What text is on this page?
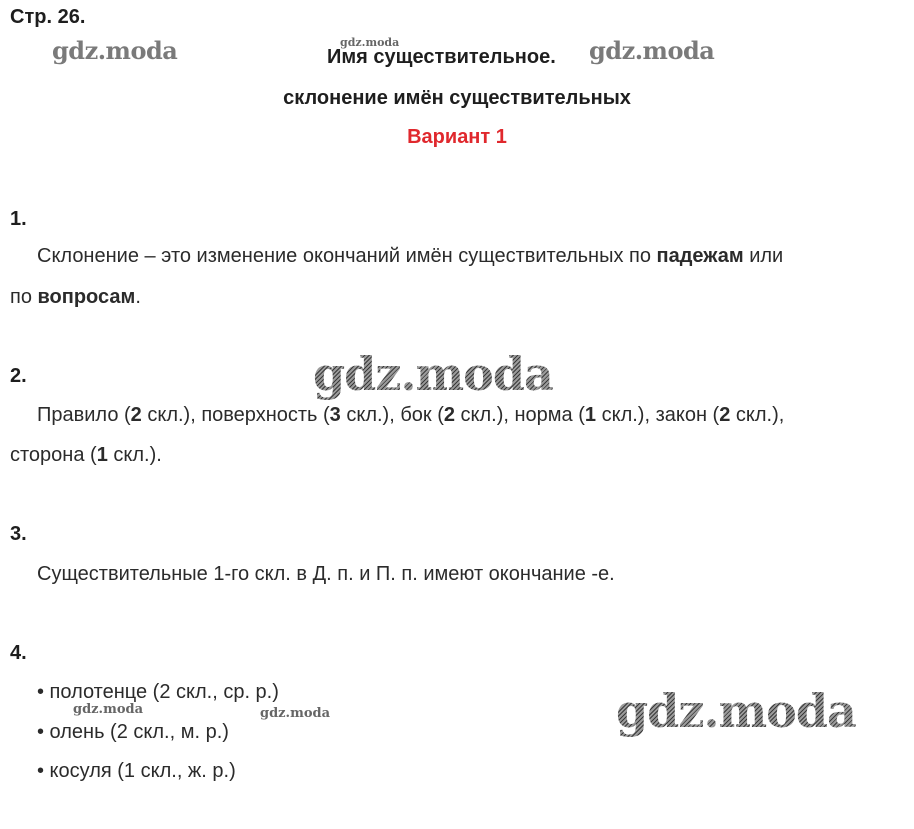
Стр. 26.
Имя существительное.
склонение имён существительных
Вариант 1
gdz.moda	gdz.moda	gdz.moda
gdz.moda
gdz.moda	gdz.moda	gdz.moda
1.
Склонение – это изменение окончаний имён существительных по падежам или
по вопросам.
2.
Правило (2 скл.), поверхность (3 скл.), бок (2 скл.), норма (1 скл.), закон (2 скл.),
сторона (1 скл.).
3.
Существительные 1-го скл. в Д. п. и П. п. имеют окончание -е.
4.
• полотенце (2 скл., ср. р.)
• олень (2 скл., м. р.)
• косуля (1 скл., ж. р.)
